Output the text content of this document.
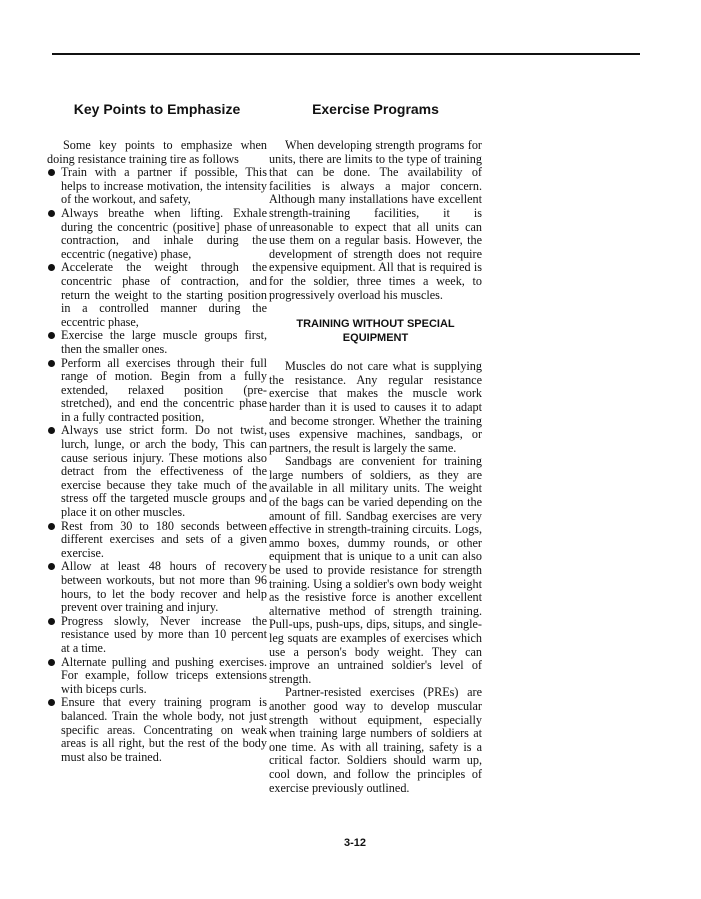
Key Points to Emphasize

Some key points to emphasize when doing resistance training tire as follows

Train with a partner if possible, This helps to increase motivation, the intensity of the workout, and safety,
Always breathe when lifting. Exhale during the concentric (positive] phase of contraction, and inhale during the eccentric (negative) phase,
Accelerate the weight through the concentric phase of contraction, and return the weight to the starting position in a controlled manner during the eccentric phase,
Exercise the large muscle groups first, then the smaller ones.
Perform all exercises through their full range of motion. Begin from a fully extended, relaxed position (pre-stretched), and end the concentric phase in a fully contracted position,
Always use strict form. Do not twist, lurch, lunge, or arch the body, This can cause serious injury. These motions also detract from the effectiveness of the exercise because they take much of the stress off the targeted muscle groups and place it on other muscles.
Rest from 30 to 180 seconds between different exercises and sets of a given exercise.
Allow at least 48 hours of recovery between workouts, but not more than 96 hours, to let the body recover and help prevent over training and injury.
Progress slowly, Never increase the resistance used by more than 10 percent at a time.
Alternate pulling and pushing exercises. For example, follow triceps extensions with biceps curls.
Ensure that every training program is balanced. Train the whole body, not just specific areas. Concentrating on weak areas is all right, but the rest of the body must also be trained.
Exercise Programs

When developing strength programs for units, there are limits to the type of training that can be done. The availability of facilities is always a major concern. Although many installations have excellent strength-training facilities, it is unreasonable to expect that all units can use them on a regular basis. However, the development of strength does not require expensive equipment. All that is required is for the soldier, three times a week, to progressively overload his muscles.

TRAINING WITHOUT SPECIAL EQUIPMENT

Muscles do not care what is supplying the resistance. Any regular resistance exercise that makes the muscle work harder than it is used to causes it to adapt and become stronger. Whether the training uses expensive machines, sandbags, or partners, the result is largely the same.

Sandbags are convenient for training large numbers of soldiers, as they are available in all military units. The weight of the bags can be varied depending on the amount of fill. Sandbag exercises are very effective in strength-training circuits. Logs, ammo boxes, dummy rounds, or other equipment that is unique to a unit can also be used to provide resistance for strength training. Using a soldier's own body weight as the resistive force is another excellent alternative method of strength training. Pull-ups, push-ups, dips, situps, and single-leg squats are examples of exercises which use a person's body weight. They can improve an untrained soldier's level of strength.

Partner-resisted exercises (PREs) are another good way to develop muscular strength without equipment, especially when training large numbers of soldiers at one time. As with all training, safety is a critical factor. Soldiers should warm up, cool down, and follow the principles of exercise previously outlined.

3-12
